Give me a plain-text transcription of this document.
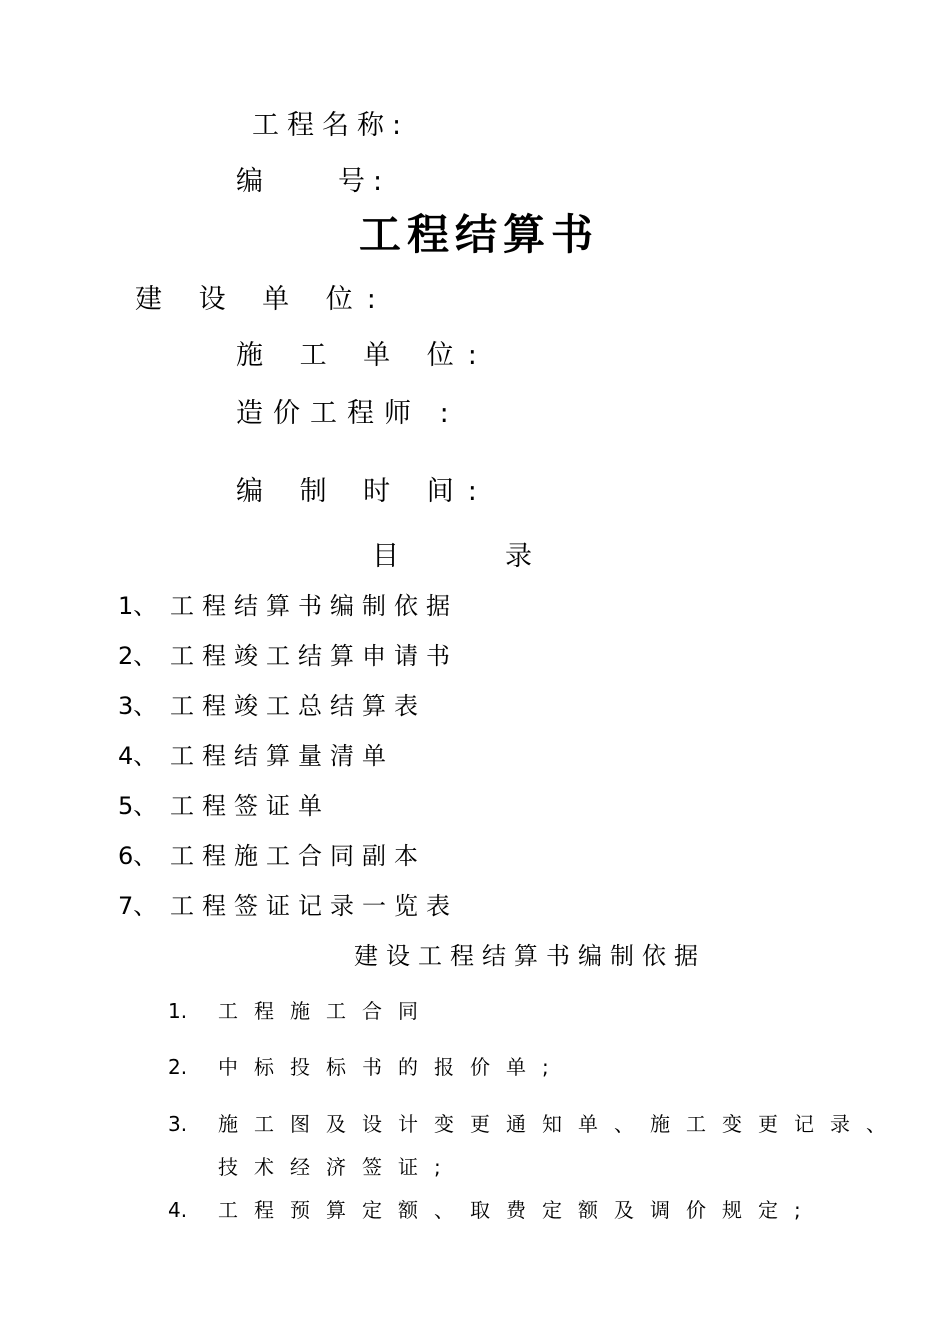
工程名称:
编	号:
工程结算书
建 设 单 位:
施 工 单 位:
造价工程师 :
编 制 时 间:
目	录
1、 工程结算书编制依据
2、 工程竣工结算申请书
3、 工程竣工总结算表
4、 工程结算量清单
5、 工程签证单
6、 工程施工合同副本
7、 工程签证记录一览表
建设工程结算书编制依据
1. 工程施工合同
2. 中标投标书的报价单;
3. 施工图及设计变更通知单、施工变更记录、
技术经济签证;
4. 工程预算定额、取费定额及调价规定;
